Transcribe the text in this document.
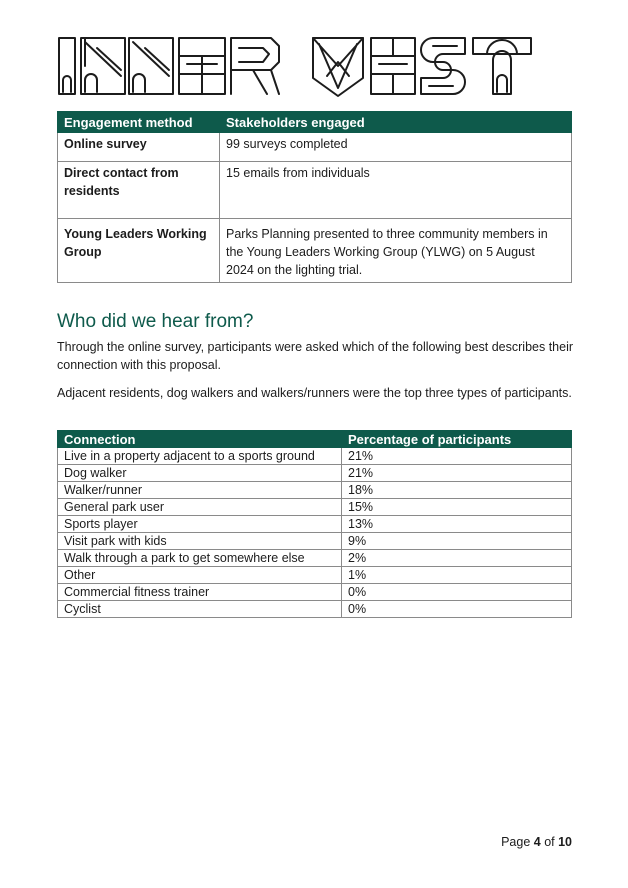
Engagement method	Stakeholders engaged
Online survey	99 surveys completed
Direct contact from residents	15 emails from individuals
Young Leaders Working Group	Parks Planning presented to three community members in the Young Leaders Working Group (YLWG) on 5 August 2024 on the lighting trial.
Who did we hear from?

Through the online survey, participants were asked which of the following best describes their connection with this proposal.

Adjacent residents, dog walkers and walkers/runners were the top three types of participants.

Connection	Percentage of participants
Live in a property adjacent to a sports ground	21%
Dog walker	21%
Walker/runner	18%
General park user	15%
Sports player	13%
Visit park with kids	9%
Walk through a park to get somewhere else	2%
Other	1%
Commercial fitness trainer	0%
Cyclist	0%
Page 4 of 10
